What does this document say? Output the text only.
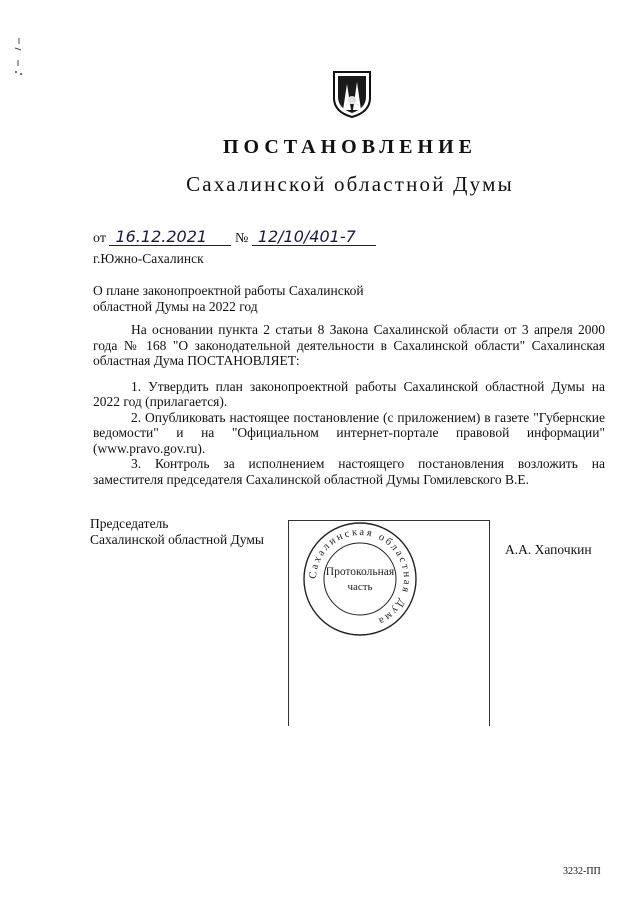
ПОСТАНОВЛЕНИЕ
Сахалинской областной Думы
от 16.12.2021 № 12/10/401-7
г.Южно-Сахалинск
О плане законопроектной работы Сахалинской областной Думы на 2022 год

На основании пункта 2 статьи 8 Закона Сахалинской области от 3 апреля 2000 года № 168 "О законодательной деятельности в Сахалинской области" Сахалинская областная Дума ПОСТАНОВЛЯЕТ:

1. Утвердить план законопроектной работы Сахалинской областной Думы на 2022 год (прилагается).

2. Опубликовать настоящее постановление (с приложением) в газете "Губернские ведомости" и на "Официальном интернет-портале правовой информации" (www.pravo.gov.ru).

3. Контроль за исполнением настоящего постановления возложить на заместителя председателя Сахалинской областной Думы Гомилевского В.Е.

Председатель
Сахалинской областной Думы
Сахалинская областная Дума
Протокольная
часть
А.А. Хапочкин
3232-ПП
